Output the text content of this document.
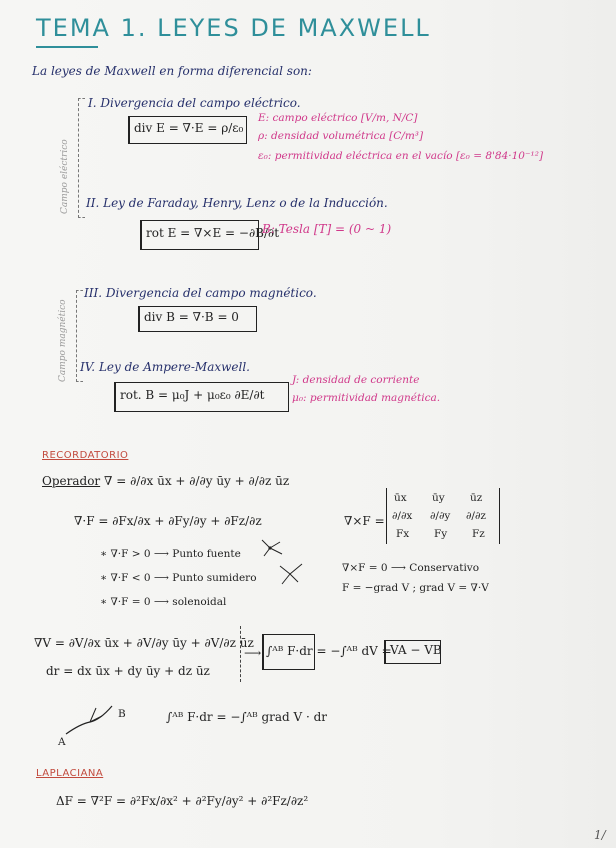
TEMA 1. LEYES DE MAXWELL
La leyes de Maxwell en forma diferencial son:
Campo eléctrico
Campo magnético
I. Divergencia del campo eléctrico.
div E = ∇·E = ρ/ε₀
E: campo eléctrico [V/m, N/C]
ρ: densidad volumétrica [C/m³]
ε₀: permitividad eléctrica en el vacío [ε₀ = 8'84·10⁻¹²]
II. Ley de Faraday, Henry, Lenz o de la Inducción.
rot E = ∇×E = −∂B/∂t
B: Tesla [T] = (0 ~ 1)
III. Divergencia del campo magnético.
div B = ∇·B = 0
IV. Ley de Ampere-Maxwell.
rot. B = μ₀J + μ₀ε₀ ∂E/∂t
J: densidad de corriente
μ₀: permitividad magnética.
RECORDATORIO
Operador ∇ = ∂/∂x ūx + ∂/∂y ūy + ∂/∂z ūz
∇·F = ∂Fx/∂x + ∂Fy/∂y + ∂Fz/∂z
∗ ∇·F > 0 ⟶ Punto fuente
∗ ∇·F < 0 ⟶ Punto sumidero
∗ ∇·F = 0 ⟶ solenoidal
∇×F =
ūx ūy ūz
∂/∂x ∂/∂y ∂/∂z
Fx Fy Fz
∇×F = 0 ⟶ Conservativo
F = −grad V ; grad V = ∇·V
∇V = ∂V/∂x ūx + ∂V/∂y ūy + ∂V/∂z ūz
dr = dx ūx + dy ūy + dz ūz
⟶ ∫ᴬᴮ F·dr = −∫ᴬᴮ dV =
VA − VB
A
B	∫ᴬᴮ F·dr = −∫ᴬᴮ grad V · dr
LAPLACIANA
ΔF = ∇²F = ∂²Fx/∂x² + ∂²Fy/∂y² + ∂²Fz/∂z²
1/
